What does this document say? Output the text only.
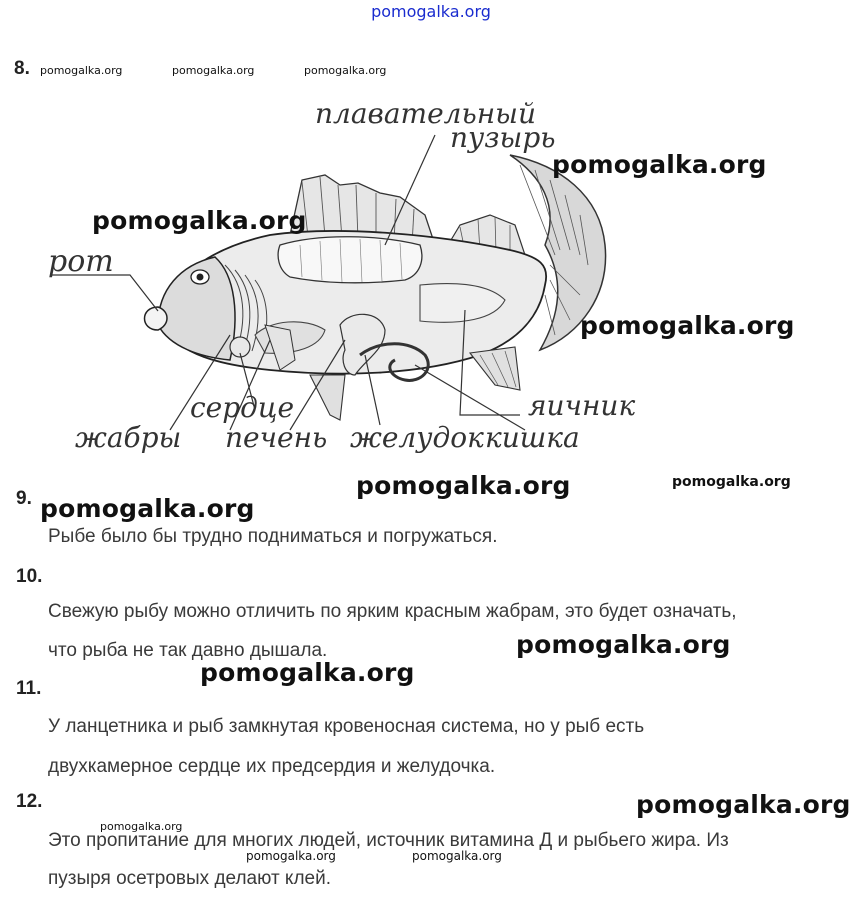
pomogalka.org
8. pomogalka.org	pomogalka.org	pomogalka.org
плавательный
пузырь
рот
сердце
жабры печень желудок кишка
яичник
pomogalka.org
pomogalka.org
pomogalka.org
pomogalka.org	pomogalka.org
9. pomogalka.org
Рыбе было бы трудно подниматься и погружаться.
10.
Свежую рыбу можно отличить по ярким красным жабрам, это будет означать,
что рыба не так давно дышала.	pomogalka.org
pomogalka.org
11.
У ланцетника и рыб замкнутая кровеносная система, но у рыб есть
двухкамерное сердце их предсердия и желудочка.
12.	pomogalka.org
pomogalka.org
Это пропитание для многих людей, источник витамина Д и рыбьего жира. Из
pomogalka.org	pomogalka.org
пузыря осетровых делают клей.
